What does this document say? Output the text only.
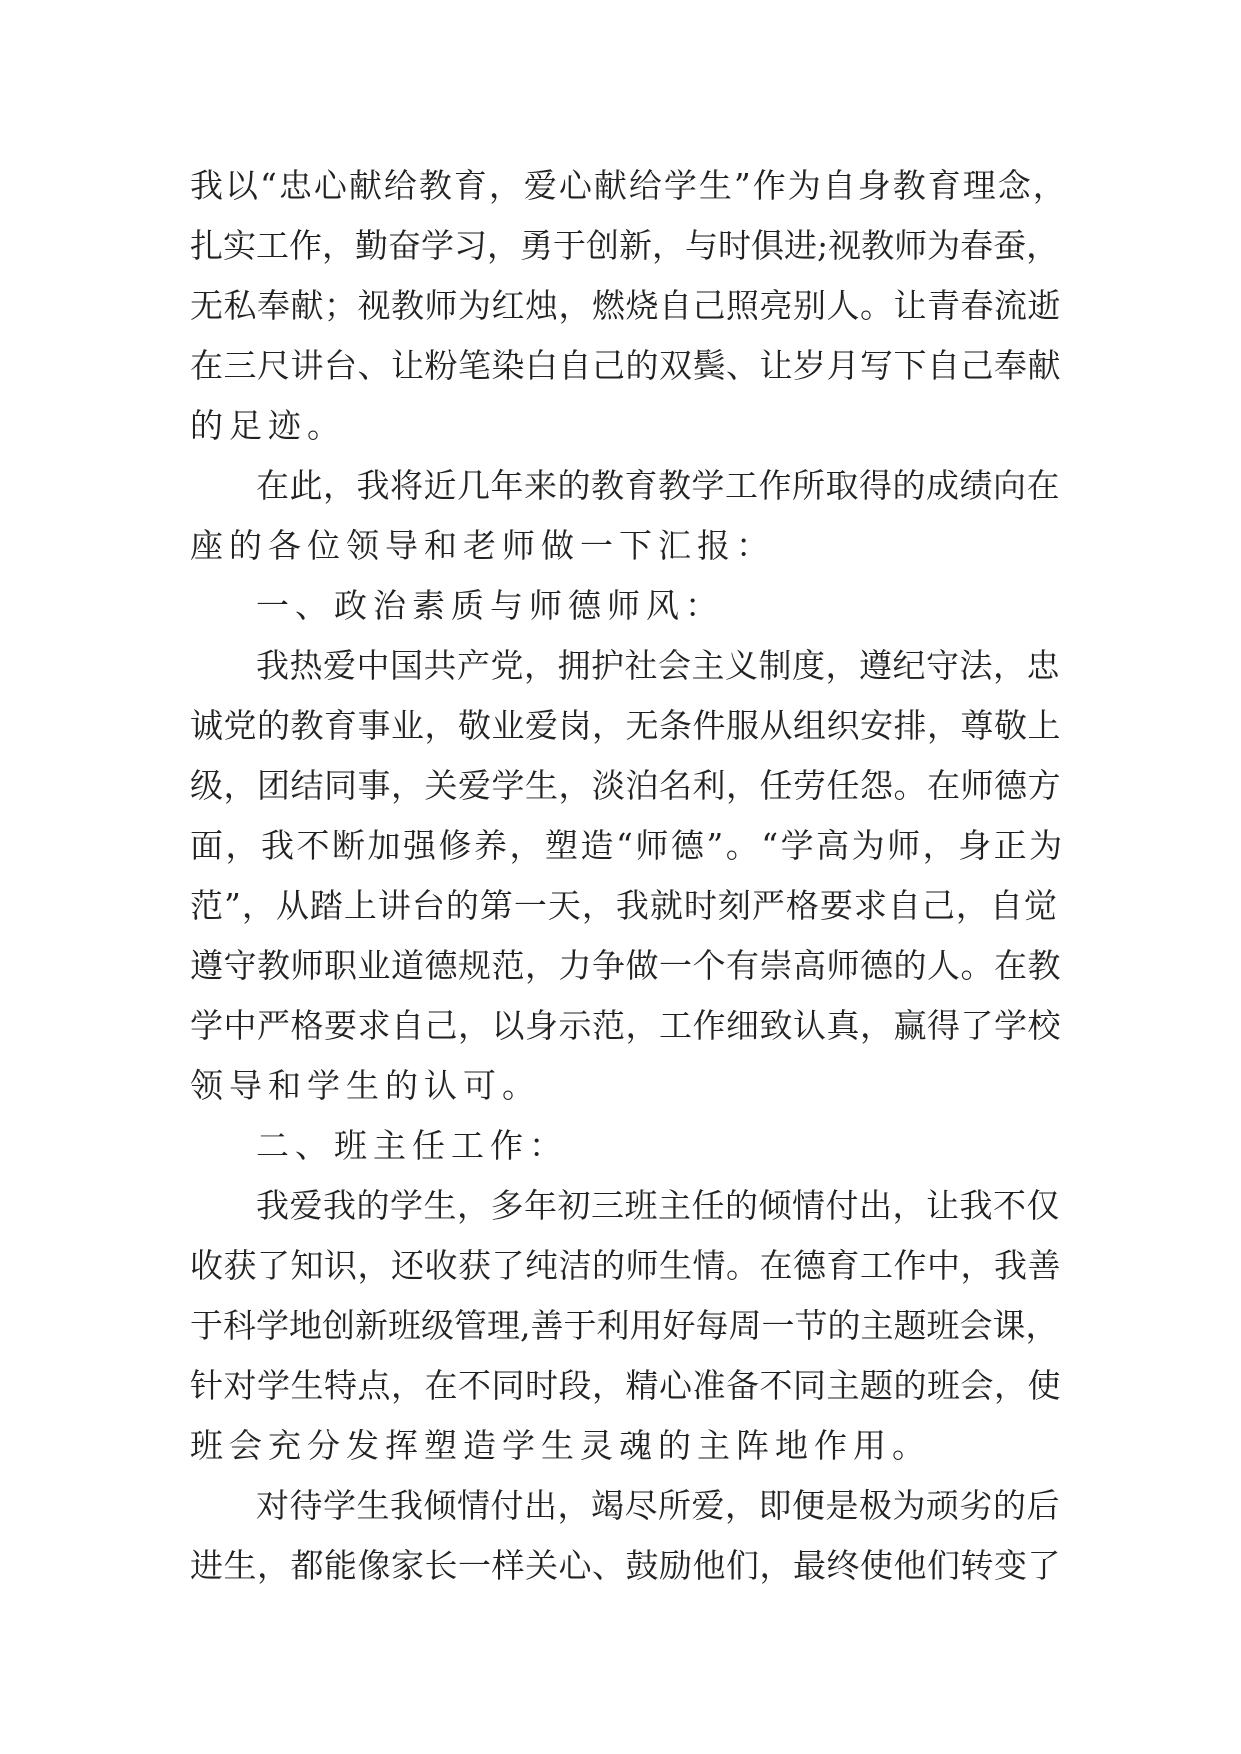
我以“忠心献给教育，爱心献给学生”作为自身教育理念，
扎实工作，勤奋学习，勇于创新，与时俱进;视教师为春蚕，
无私奉献；视教师为红烛，燃烧自己照亮别人。让青春流逝
在三尺讲台、让粉笔染白自己的双鬓、让岁月写下自己奉献
的足迹。
在此，我将近几年来的教育教学工作所取得的成绩向在
座的各位领导和老师做一下汇报：
一、政治素质与师德师风：
我热爱中国共产党，拥护社会主义制度，遵纪守法，忠
诚党的教育事业，敬业爱岗，无条件服从组织安排，尊敬上
级，团结同事，关爱学生，淡泊名利，任劳任怨。在师德方
面，我不断加强修养，塑造“师德”。“学高为师，身正为
范”，从踏上讲台的第一天，我就时刻严格要求自己，自觉
遵守教师职业道德规范，力争做一个有崇高师德的人。在教
学中严格要求自己，以身示范，工作细致认真，赢得了学校
领导和学生的认可。
二、班主任工作：
我爱我的学生，多年初三班主任的倾情付出，让我不仅
收获了知识，还收获了纯洁的师生情。在德育工作中，我善
于科学地创新班级管理,善于利用好每周一节的主题班会课，
针对学生特点，在不同时段，精心准备不同主题的班会，使
班会充分发挥塑造学生灵魂的主阵地作用。
对待学生我倾情付出，竭尽所爱，即便是极为顽劣的后
进生，都能像家长一样关心、鼓励他们，最终使他们转变了
